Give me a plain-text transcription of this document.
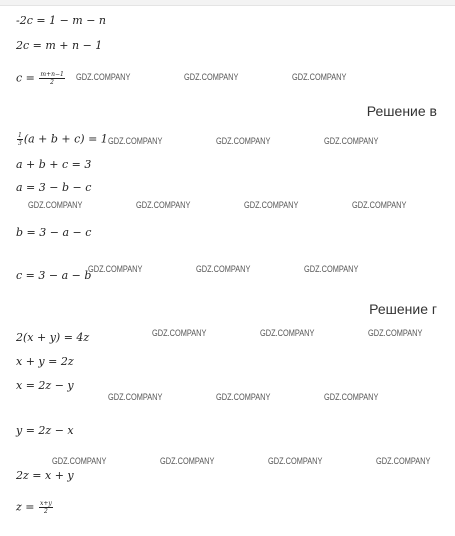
-2c = 1 − m − n
2c = m + n − 1
$c = \frac{m+n-1}{2}$
Решение в
$\frac{1}{3} (a + b + c) = 1$
a + b + c = 3
a = 3 − b − c
b = 3 − a − c
c = 3 − a − b
Решение г
2(x + y) = 4z
x + y = 2z
x = 2z − y
y = 2z − x
2z = x + y
$z = \frac{x+y}{2}$
GDZ.COMPANY	GDZ.COMPANY	GDZ.COMPANY
GDZ.COMPANY	GDZ.COMPANY	GDZ.COMPANY
GDZ.COMPANY	GDZ.COMPANY	GDZ.COMPANY	GDZ.COMPANY
GDZ.COMPANY	GDZ.COMPANY	GDZ.COMPANY
GDZ.COMPANY	GDZ.COMPANY	GDZ.COMPANY
GDZ.COMPANY	GDZ.COMPANY	GDZ.COMPANY
GDZ.COMPANY	GDZ.COMPANY	GDZ.COMPANY	GDZ.COMPANY
